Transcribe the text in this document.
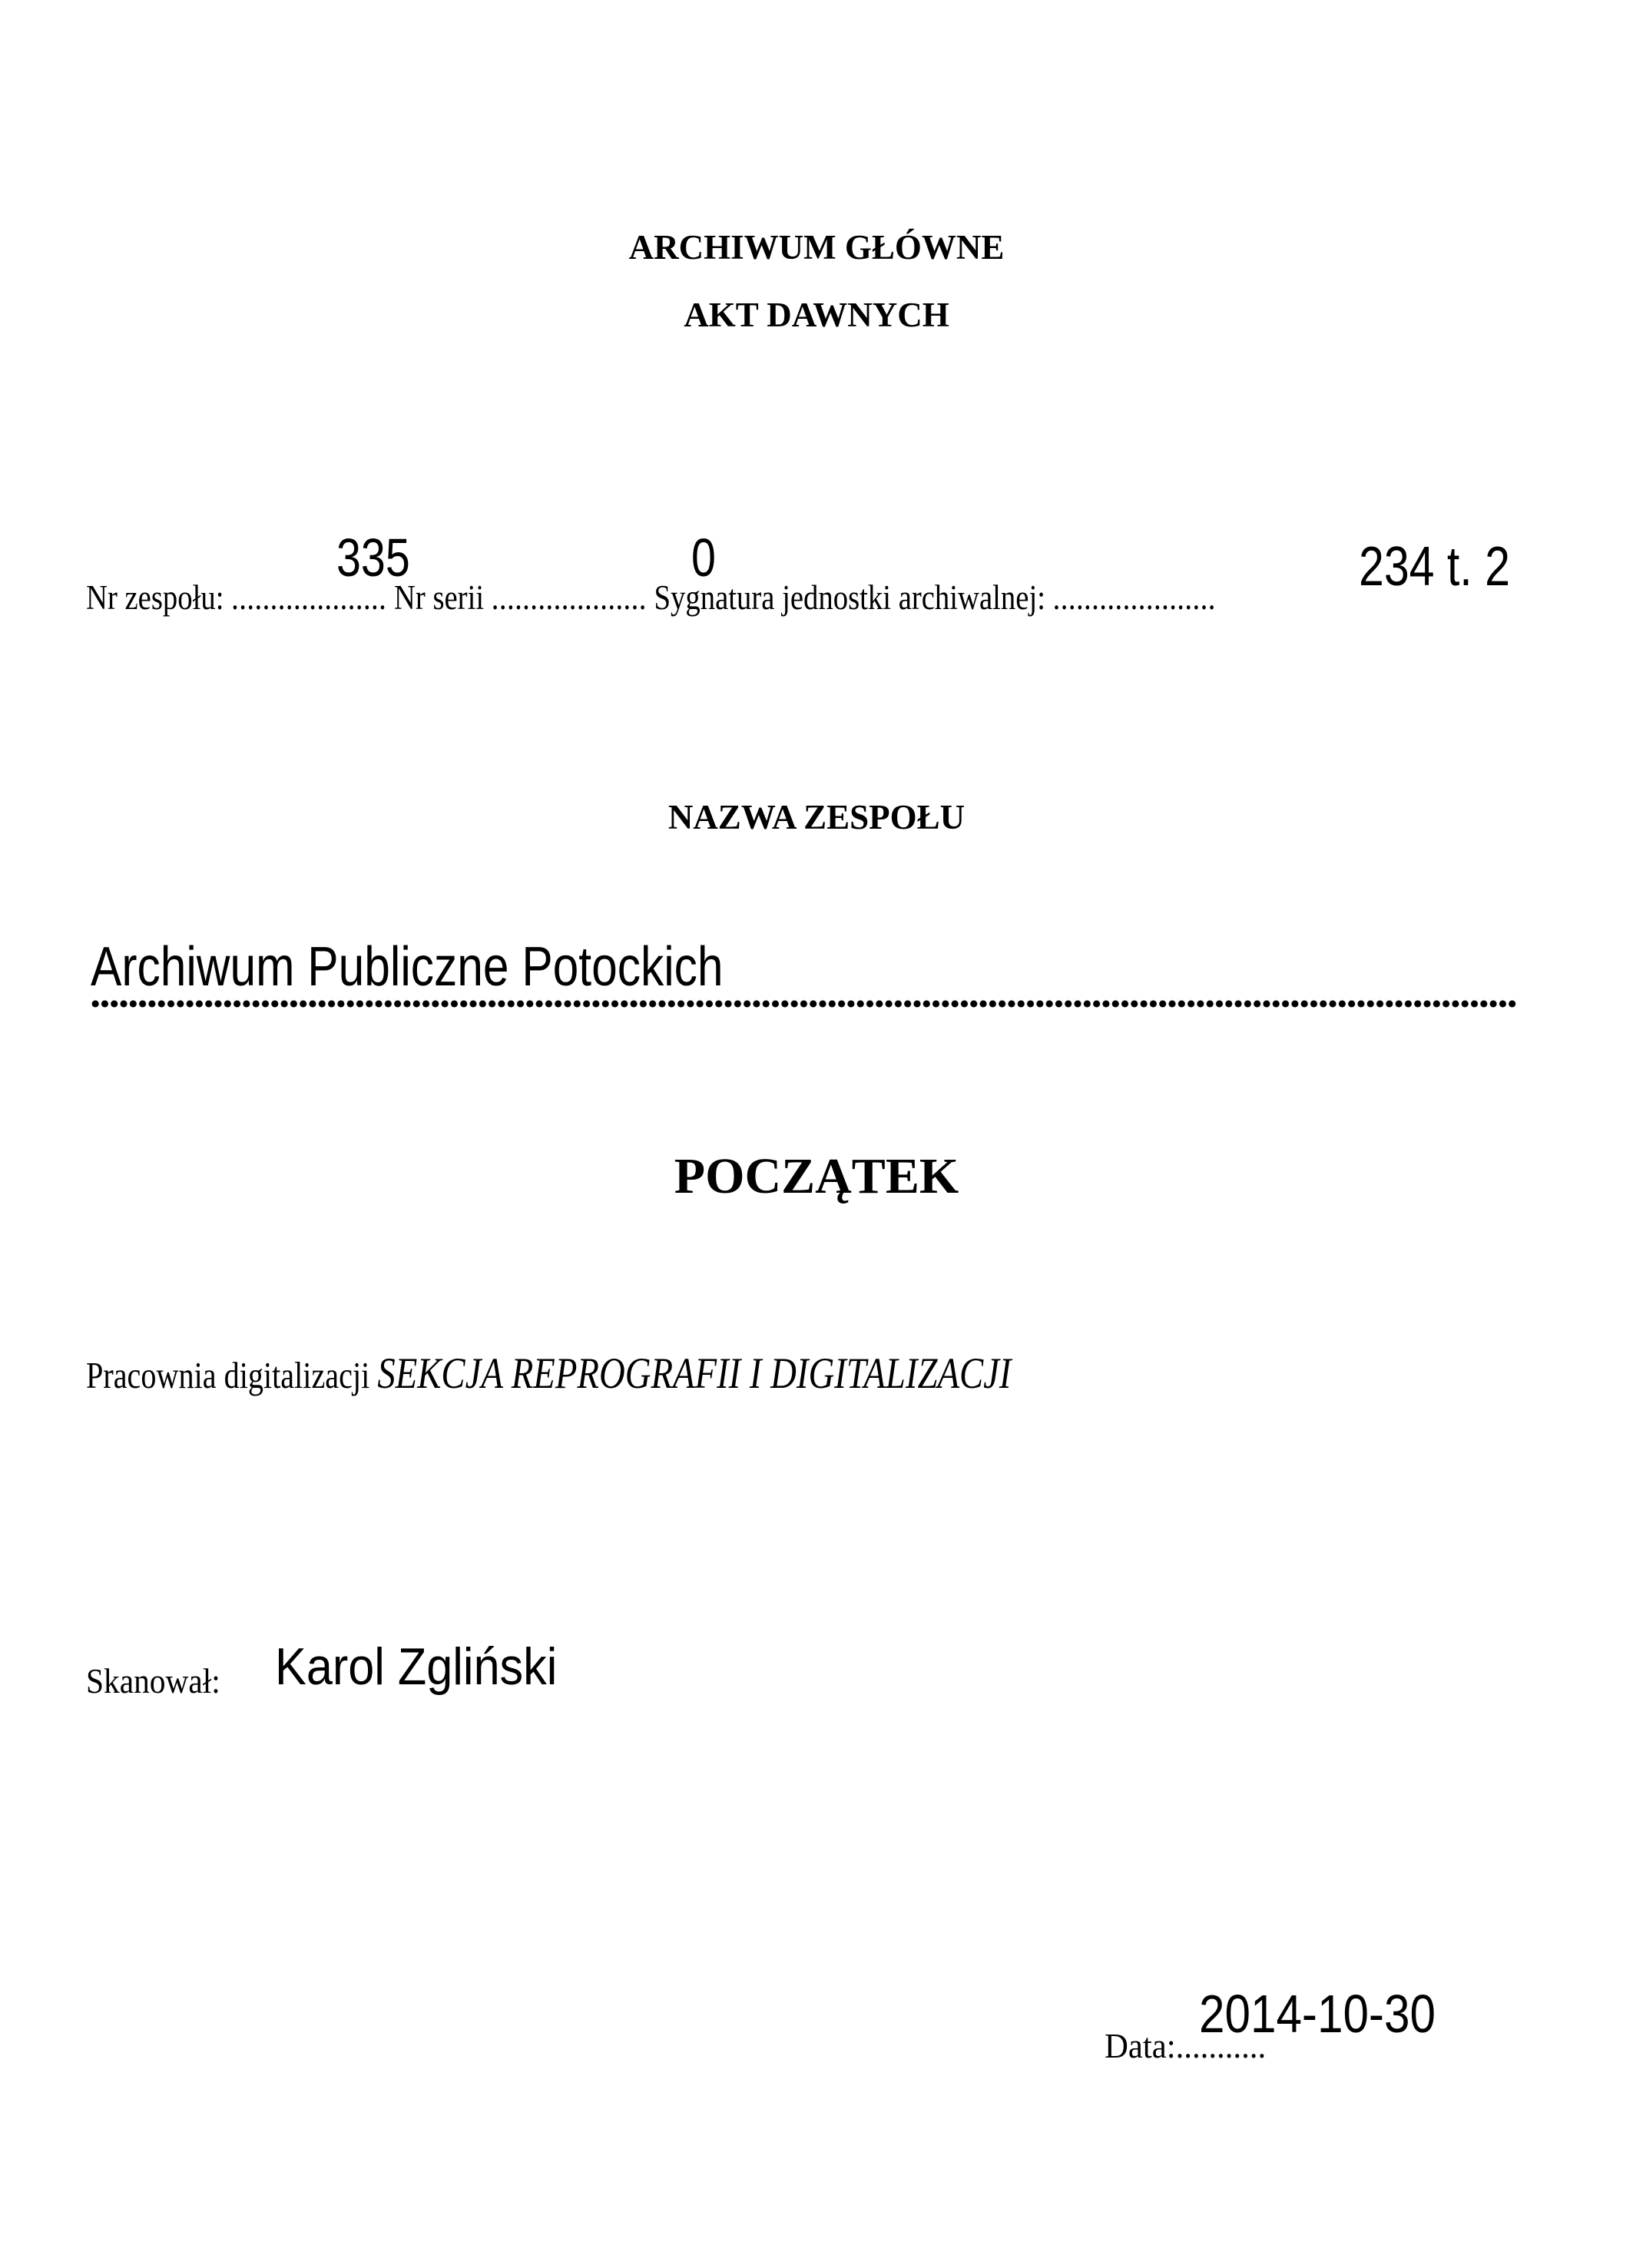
ARCHIWUM GŁÓWNE
AKT DAWNYCH
Nr zespołu: .................... Nr serii .................... Sygnatura jednostki archiwalnej: .....................
335	0	234 t. 2
NAZWA ZESPOŁU
Archiwum Publiczne Potockich
POCZĄTEK
Pracownia digitalizacji SEKCJA REPROGRAFII I DIGITALIZACJI
Skanował: Karol Zgliński
Data:...........
2014-10-30
